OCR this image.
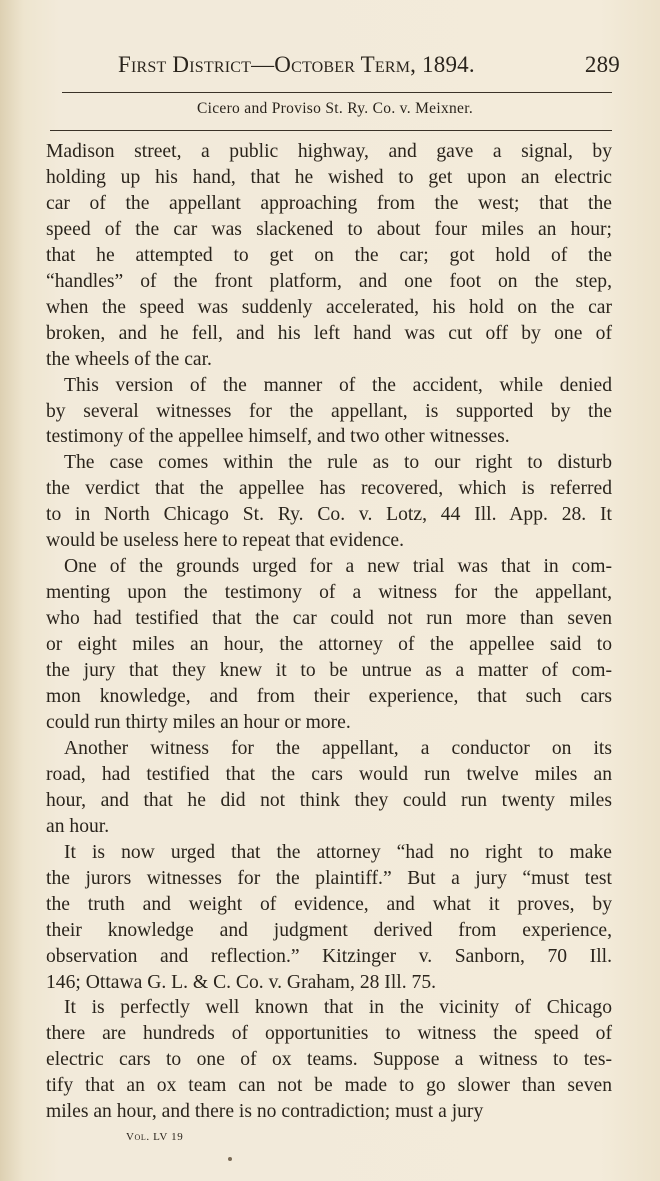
First District—October Term, 1894.	289
Cicero and Proviso St. Ry. Co. v. Meixner.
Madison street, a public highway, and gave a signal, by
holding up his hand, that he wished to get upon an electric
car of the appellant approaching from the west; that the
speed of the car was slackened to about four miles an hour;
that he attempted to get on the car; got hold of the
“handles” of the front platform, and one foot on the step,
when the speed was suddenly accelerated, his hold on the car
broken, and he fell, and his left hand was cut off by one of
the wheels of the car.
This version of the manner of the accident, while denied
by several witnesses for the appellant, is supported by the
testimony of the appellee himself, and two other witnesses.
The case comes within the rule as to our right to disturb
the verdict that the appellee has recovered, which is referred
to in North Chicago St. Ry. Co. v. Lotz, 44 Ill. App. 28. It
would be useless here to repeat that evidence.
One of the grounds urged for a new trial was that in com-
menting upon the testimony of a witness for the appellant,
who had testified that the car could not run more than seven
or eight miles an hour, the attorney of the appellee said to
the jury that they knew it to be untrue as a matter of com-
mon knowledge, and from their experience, that such cars
could run thirty miles an hour or more.
Another witness for the appellant, a conductor on its
road, had testified that the cars would run twelve miles an
hour, and that he did not think they could run twenty miles
an hour.
It is now urged that the attorney “had no right to make
the jurors witnesses for the plaintiff.” But a jury “must test
the truth and weight of evidence, and what it proves, by
their knowledge and judgment derived from experience,
observation and reflection.” Kitzinger v. Sanborn, 70 Ill.
146; Ottawa G. L. & C. Co. v. Graham, 28 Ill. 75.
It is perfectly well known that in the vicinity of Chicago
there are hundreds of opportunities to witness the speed of
electric cars to one of ox teams. Suppose a witness to tes-
tify that an ox team can not be made to go slower than seven
miles an hour, and there is no contradiction; must a jury
Vol. LV 19
